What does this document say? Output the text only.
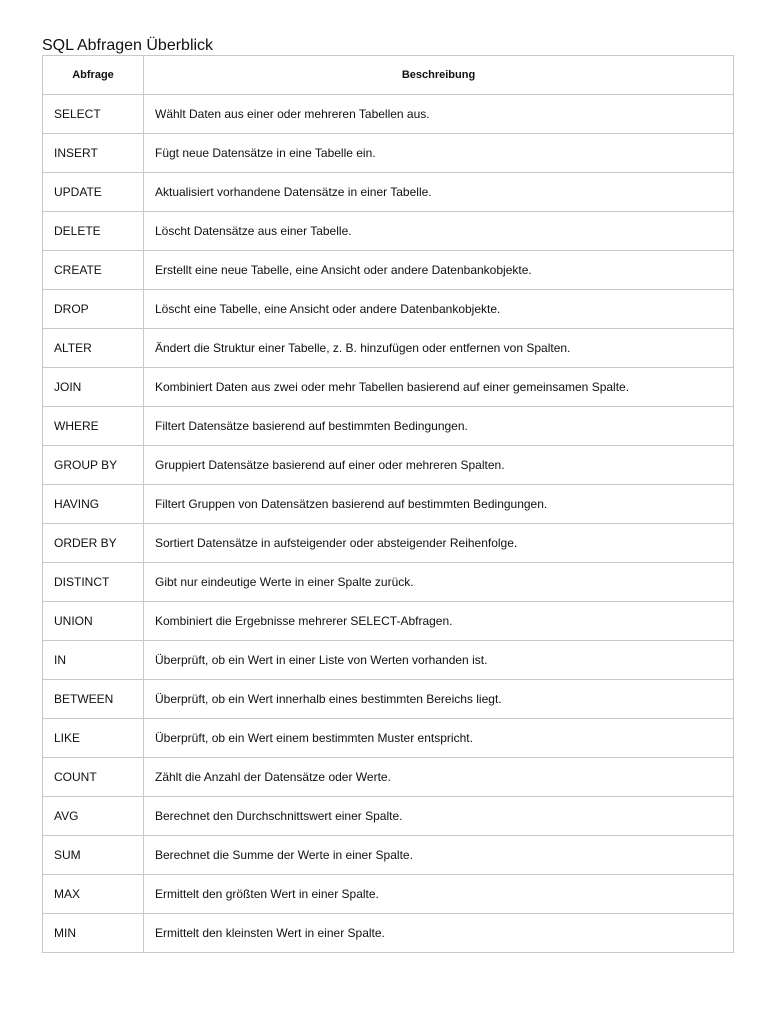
SQL Abfragen Überblick
Abfrage	Beschreibung
SELECT	Wählt Daten aus einer oder mehreren Tabellen aus.
INSERT	Fügt neue Datensätze in eine Tabelle ein.
UPDATE	Aktualisiert vorhandene Datensätze in einer Tabelle.
DELETE	Löscht Datensätze aus einer Tabelle.
CREATE	Erstellt eine neue Tabelle, eine Ansicht oder andere Datenbankobjekte.
DROP	Löscht eine Tabelle, eine Ansicht oder andere Datenbankobjekte.
ALTER	Ändert die Struktur einer Tabelle, z. B. hinzufügen oder entfernen von Spalten.
JOIN	Kombiniert Daten aus zwei oder mehr Tabellen basierend auf einer gemeinsamen Spalte.
WHERE	Filtert Datensätze basierend auf bestimmten Bedingungen.
GROUP BY	Gruppiert Datensätze basierend auf einer oder mehreren Spalten.
HAVING	Filtert Gruppen von Datensätzen basierend auf bestimmten Bedingungen.
ORDER BY	Sortiert Datensätze in aufsteigender oder absteigender Reihenfolge.
DISTINCT	Gibt nur eindeutige Werte in einer Spalte zurück.
UNION	Kombiniert die Ergebnisse mehrerer SELECT-Abfragen.
IN	Überprüft, ob ein Wert in einer Liste von Werten vorhanden ist.
BETWEEN	Überprüft, ob ein Wert innerhalb eines bestimmten Bereichs liegt.
LIKE	Überprüft, ob ein Wert einem bestimmten Muster entspricht.
COUNT	Zählt die Anzahl der Datensätze oder Werte.
AVG	Berechnet den Durchschnittswert einer Spalte.
SUM	Berechnet die Summe der Werte in einer Spalte.
MAX	Ermittelt den größten Wert in einer Spalte.
MIN	Ermittelt den kleinsten Wert in einer Spalte.
